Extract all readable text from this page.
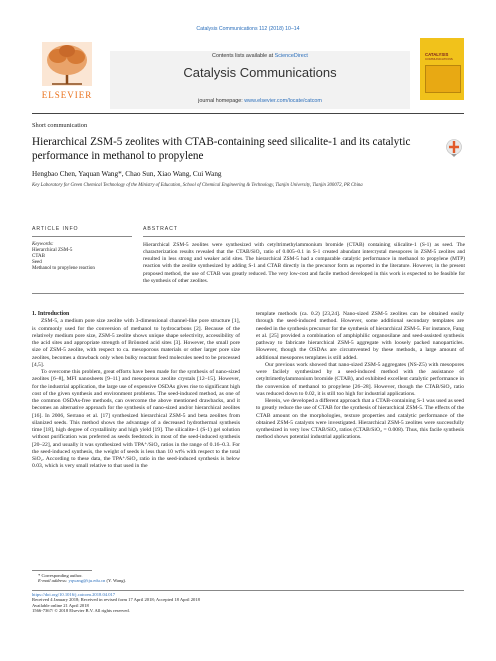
Catalysis Communications 112 (2018) 10–14
ELSEVIER
Contents lists available at ScienceDirect
Catalysis Communications
journal homepage: www.elsevier.com/locate/catcom
CATALYSIS
COMMUNICATIONS
Short communication
Hierarchical ZSM-5 zeolites with CTAB-containing seed silicalite-1 and its catalytic performance in methanol to propylene
Hengbao Chen, Yaquan Wang*, Chao Sun, Xiao Wang, Cui Wang
Key Laboratory for Green Chemical Technology of the Ministry of Education, School of Chemical Engineering & Technology, Tianjin University, Tianjin 300072, PR China
ARTICLE INFO
Keywords:
Hierarchical ZSM-5
CTAB
Seed
Methanol to propylene reaction
ABSTRACT
Hierarchical ZSM-5 zeolites were synthesized with cetyltrimethylammonium bromide (CTAB) containing silicalite-1 (S-1) as seed. The characterization results revealed that the CTAB/SiO₂ ratio of 0.005–0.1 in S-1 created abundant intercrystal mesopores in ZSM-5 zeolites and resulted in less strong and weaker acid sites. The hierarchical ZSM-5 had a comparable catalytic performance in methanol to propylene (MTP) reaction with the zeolite synthesized by adding S-1 and CTAB directly in the precursor form as reported in the literature. However, in the present proposed method, the use of CTAB was greatly reduced. The very low-cost and facile method developed in this work is expected to be feasible for the synthesis of other zeolites.

1. Introduction

ZSM-5, a medium pore size zeolite with 3-dimensional channel-like pore structure [1], is commonly used for the conversion of methanol to hydrocarbons [2]. Because of the relatively medium pore size, ZSM-5 zeolite shows unique shape selectivity, accessibility of the acid sites and appropriate strength of Brönsted acid sites [3]. However, the small pore size of ZSM-5 zeolite, with respect to ca. mesoporous materials or other larger pore size zeolites, becomes a drawback only when bulky reactant feed molecules need to be processed [4,5].

To overcome this problem, great efforts have been made for the synthesis of nano-sized zeolites [6–8], MFI nanosheets [9–11] and mesoporous zeolite crystals [12–15]. However, for the industrial application, the large use of expensive OSDAs gives rise to significant high cost of the given synthesis and environment problems. The seed-induced method, as one of the common OSDAs-free methods, can overcome the above mentioned drawbacks, and it becomes an alternative approach for the synthesis of nano-sized and/or hierarchical zeolites [16]. In 2006, Serrano et al. [17] synthesized hierarchical ZSM-5 and beta zeolites from silanized seeds. This method shows the advantage of a decreased hydrothermal synthesis time [18], high degree of crystallinity and high yield [19]. The silicalite-1 (S-1) gel solution without purification was preferred as seeds feedstock in most of the seed-induced synthesis [20–22], and usually it was synthesized with TPA⁺/SiO₂ ratios in the range of 0.16–0.3. For the seed-induced synthesis, the weight of seeds is less than 10 wt% with respect to the total SiO₂. According to these data, the TPA⁺/SiO₂ ratio in the seed-induced synthesis is below 0.03, which is very small relative to that used in the

template methods (ca. 0.2) [23,24]. Nano-sized ZSM-5 zeolites can be obtained easily through the seed-induced method. However, some additional secondary templates are needed in the synthesis precursor for the synthesis of hierarchical ZSM-5. For instance, Fang et al. [25] provided a combination of amphiphilic organosilane and seed-assisted synthesis pathway to fabricate hierarchical ZSM-5 aggregate with loosely packed nanoparticles. However, though the OSDAs are circumvented by these methods, a large amount of additional mesopores templates is still added.

Our previous work showed that nano-sized ZSM-5 aggregates (NS-Z5) with mesopores were facilely synthesized by a seed-induced method with the assistance of cetyltrimethylammonium bromide (CTAB), and exhibited excellent catalytic performance in the conversion of methanol to propylene [26–28]. However, though the CTAB/SiO₂ ratio was reduced down to 0.02, it is still too high for industrial applications.

Herein, we developed a different approach that a CTAB-containing S-1 was used as seed to greatly reduce the use of CTAB for the synthesis of hierarchical ZSM-5. The effects of the CTAB amount on the morphologies, texture properties and catalytic performance of the obtained ZSM-5 catalysts were investigated. Hierarchical ZSM-5 zeolites were successfully synthesized in very low CTAB/SiO₂ ratios (CTAB/SiO₂ = 0.008). Thus, this facile synthesis method shows potential industrial applications.

* Corresponding author.
E-mail address: yqwang@tju.edu.cn (Y. Wang).
https://doi.org/10.1016/j.catcom.2018.04.017
Received 4 January 2018; Received in revised form 17 April 2018; Accepted 18 April 2018
Available online 21 April 2018
1566-7367/ © 2018 Elsevier B.V. All rights reserved.
